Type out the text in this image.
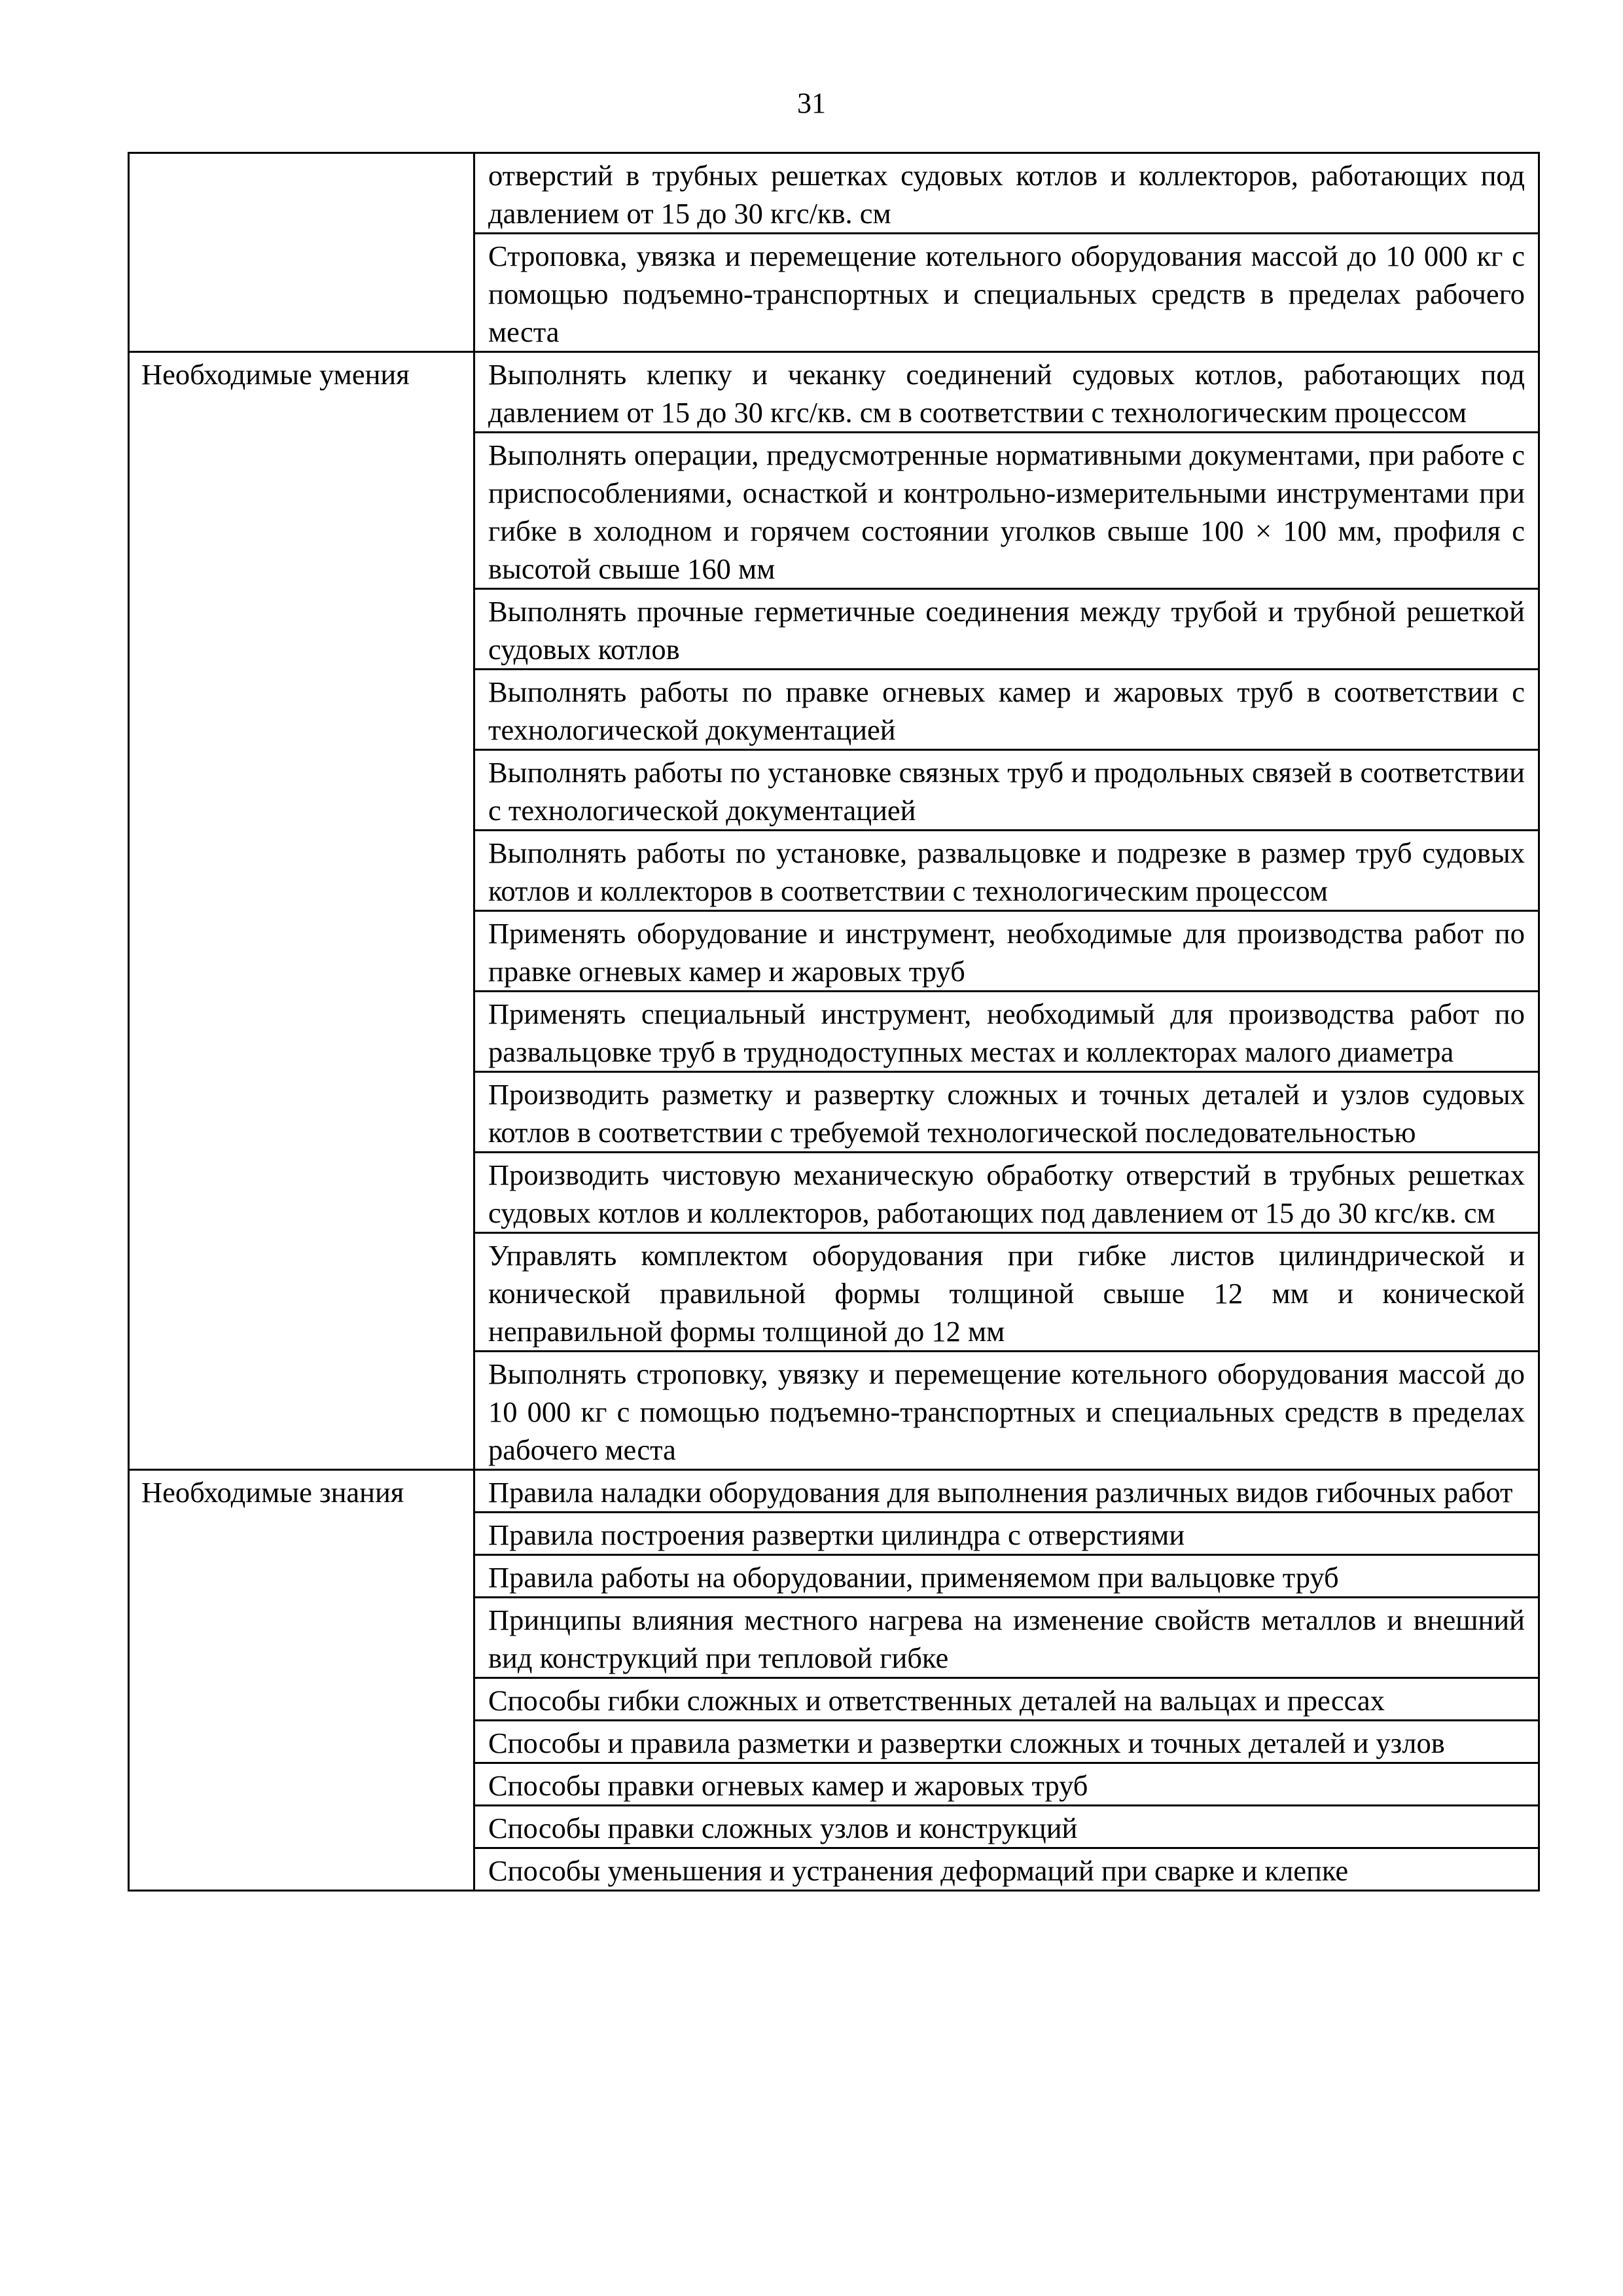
31
	отверстий в трубных решетках судовых котлов и коллекторов, работающих под давлением от 15 до 30 кгс/кв. см
	Строповка, увязка и перемещение котельного оборудования массой до 10 000 кг с помощью подъемно-транспортных и специальных средств в пределах рабочего места
Необходимые умения	Выполнять клепку и чеканку соединений судовых котлов, работающих под давлением от 15 до 30 кгс/кв. см в соответствии с технологическим процессом
	Выполнять операции, предусмотренные нормативными документами, при работе с приспособлениями, оснасткой и контрольно-измерительными инструментами при гибке в холодном и горячем состоянии уголков свыше 100 × 100 мм, профиля с высотой свыше 160 мм
	Выполнять прочные герметичные соединения между трубой и трубной решеткой судовых котлов
	Выполнять работы по правке огневых камер и жаровых труб в соответствии с технологической документацией
	Выполнять работы по установке связных труб и продольных связей в соответствии с технологической документацией
	Выполнять работы по установке, развальцовке и подрезке в размер труб судовых котлов и коллекторов в соответствии с технологическим процессом
	Применять оборудование и инструмент, необходимые для производства работ по правке огневых камер и жаровых труб
	Применять специальный инструмент, необходимый для производства работ по развальцовке труб в труднодоступных местах и коллекторах малого диаметра
	Производить разметку и развертку сложных и точных деталей и узлов судовых котлов в соответствии с требуемой технологической последовательностью
	Производить чистовую механическую обработку отверстий в трубных решетках судовых котлов и коллекторов, работающих под давлением от 15 до 30 кгс/кв. см
	Управлять комплектом оборудования при гибке листов цилиндрической и конической правильной формы толщиной свыше 12 мм и конической неправильной формы толщиной до 12 мм
	Выполнять строповку, увязку и перемещение котельного оборудования массой до 10 000 кг с помощью подъемно-транспортных и специальных средств в пределах рабочего места
Необходимые знания	Правила наладки оборудования для выполнения различных видов гибочных работ
	Правила построения развертки цилиндра с отверстиями
	Правила работы на оборудовании, применяемом при вальцовке труб
	Принципы влияния местного нагрева на изменение свойств металлов и внешний вид конструкций при тепловой гибке
	Способы гибки сложных и ответственных деталей на вальцах и прессах
	Способы и правила разметки и развертки сложных и точных деталей и узлов
	Способы правки огневых камер и жаровых труб
	Способы правки сложных узлов и конструкций
	Способы уменьшения и устранения деформаций при сварке и клепке
